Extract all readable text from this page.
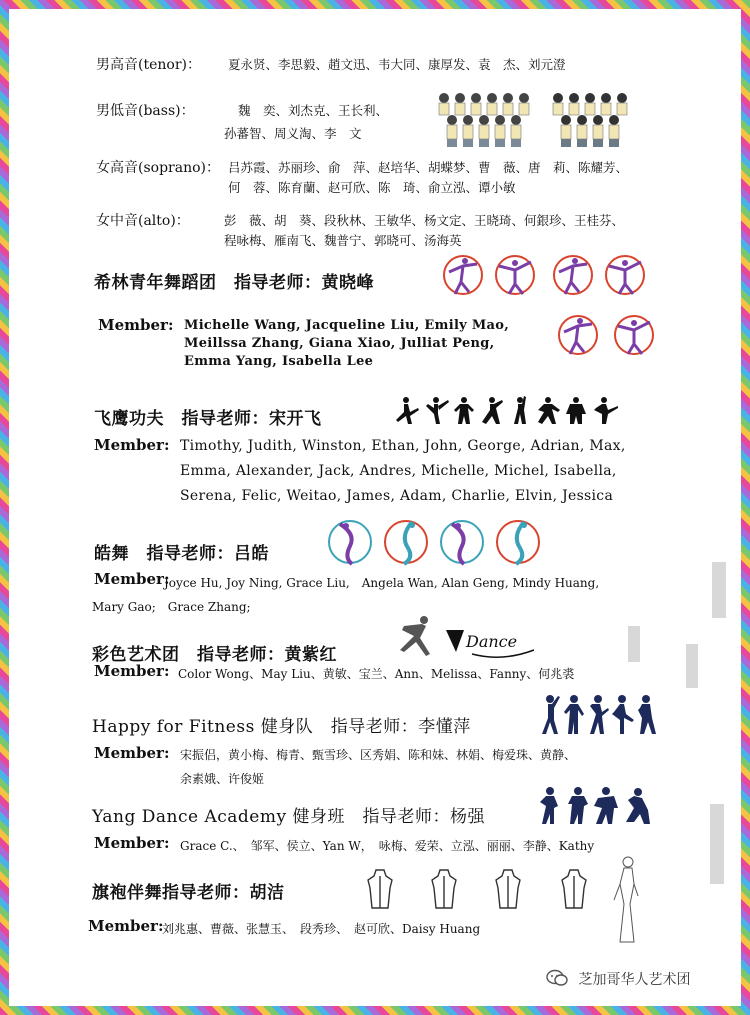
男高音(tenor)： 夏永贤、李思毅、趙文迅、韦大同、康厚发、袁　杰、刘元澄
男低音(bass)：	魏　奕、刘杰克、王长利、
孙蕃智、周义淘、李　文
女高音(soprano)： 吕苏霞、苏丽珍、俞　萍、赵培华、胡蝶梦、曹　薇、唐　莉、陈耀芳、
何　蓉、陈育蘭、赵可欣、陈　琦、俞立泓、谭小敏
女中音(alto)：	彭　薇、胡　葵、段秋林、王敏华、杨文定、王晓琦、何銀珍、王桂芬、
程咏梅、雁南飞、魏普宁、郭晓可、汤海英
希林青年舞蹈团　指导老师：黄晓峰
Member: Michelle Wang, Jacqueline Liu, Emily Mao,
Meillssa Zhang, Giana Xiao, Julliat Peng,
Emma Yang, Isabella Lee
飞鹰功夫　指导老师：宋开飞
Member: Timothy, Judith, Winston, Ethan, John, George, Adrian, Max,
Emma, Alexander, Jack, Andres, Michelle, Michel, Isabella,
Serena, Felic, Weitao, James, Adam, Charlie, Elvin, Jessica
皓舞　指导老师：吕皓
Member:
Joyce Hu, Joy Ning, Grace Liu,　Angela Wan, Alan Geng, Mindy Huang,
Mary Gao;　Grace Zhang;
彩色艺术团　指导老师：黄紫红
Dance
Member: Color Wong、May Liu、黄敏、宝兰、Ann、Melissa、Fanny、何兆裘
Happy for Fitness 健身队　指导老师：李懂萍
Member: 宋振侣，黄小梅、梅青、甄雪珍、区秀娟、陈和妹、林娟、梅爱珠、黄静、
余素娥、许俊姬
Yang Dance Academy 健身班　指导老师：杨强
Member: Grace C.、　邹军、侯立、Yan W，　咏梅、爱荣、立泓、丽丽、李静、Kathy
旗袍伴舞指导老师：胡洁
Member:
刘兆惠、曹薇、张慧玉、　段秀珍、　赵可欣、Daisy Huang
芝加哥华人艺术团
